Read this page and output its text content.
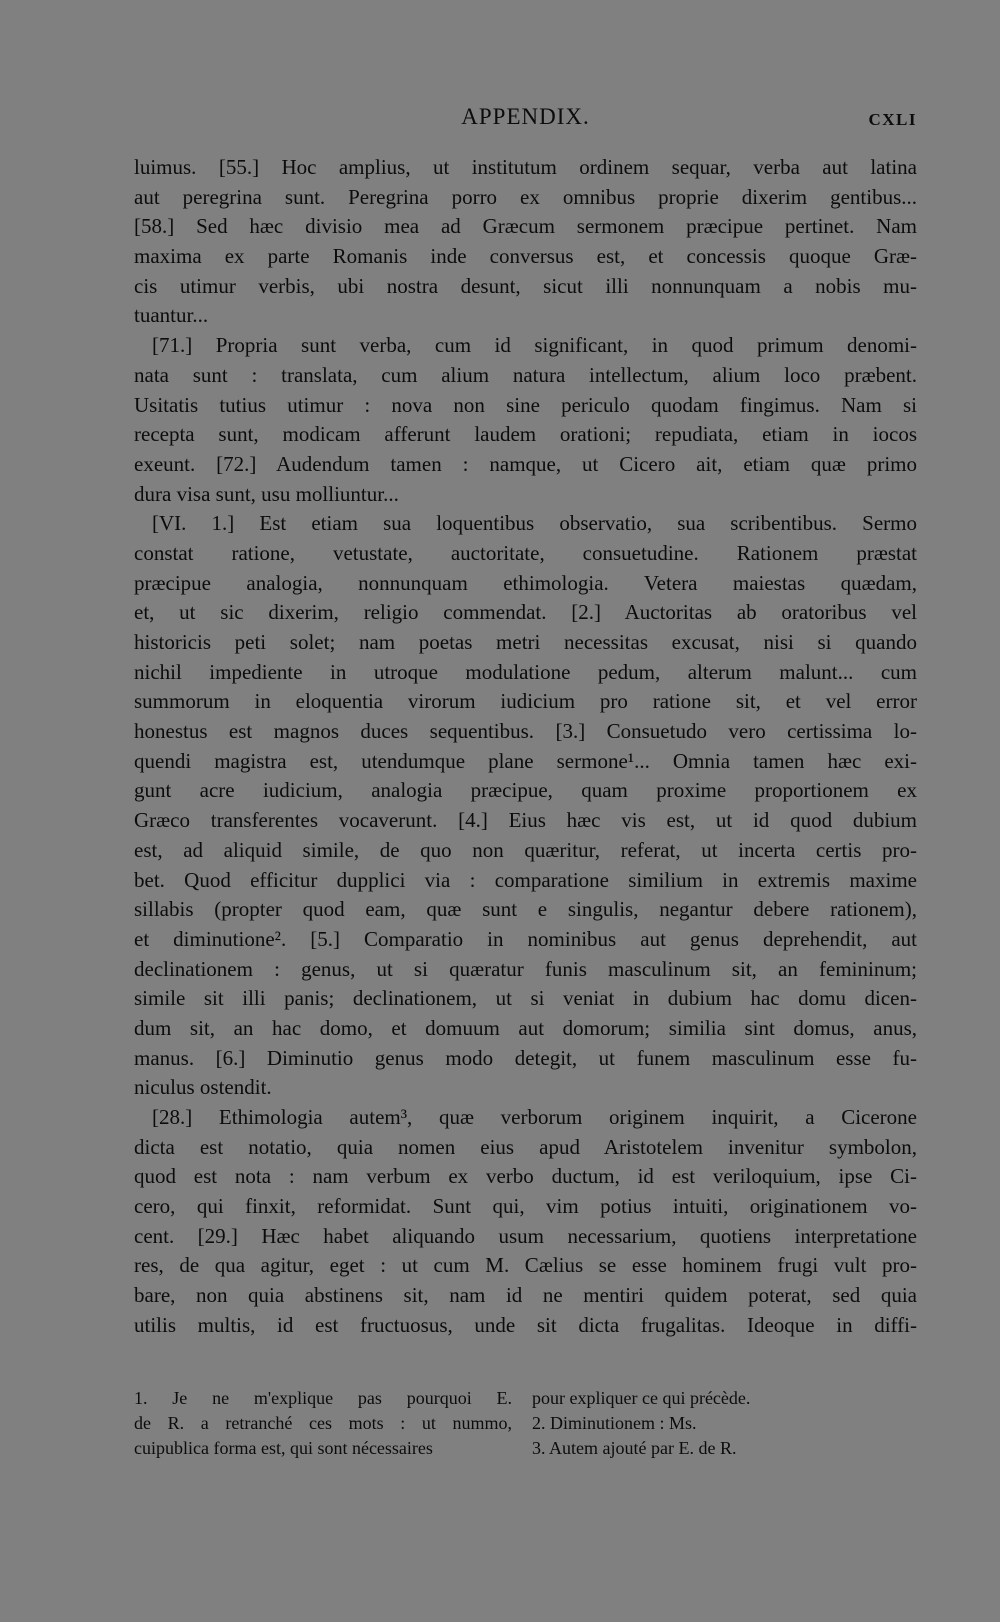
APPENDIX.	CXLI
luimus. [55.] Hoc amplius, ut institutum ordinem sequar, verba aut latina
aut peregrina sunt. Peregrina porro ex omnibus proprie dixerim gentibus...
[58.] Sed hæc divisio mea ad Græcum sermonem præcipue pertinet. Nam
maxima ex parte Romanis inde conversus est, et concessis quoque Græ-
cis utimur verbis, ubi nostra desunt, sicut illi nonnunquam a nobis mu-
tuantur...
[71.] Propria sunt verba, cum id significant, in quod primum denomi-
nata sunt : translata, cum alium natura intellectum, alium loco præbent.
Usitatis tutius utimur : nova non sine periculo quodam fingimus. Nam si
recepta sunt, modicam afferunt laudem orationi; repudiata, etiam in iocos
exeunt. [72.] Audendum tamen : namque, ut Cicero ait, etiam quæ primo
dura visa sunt, usu molliuntur...
[VI. 1.] Est etiam sua loquentibus observatio, sua scribentibus. Sermo
constat ratione, vetustate, auctoritate, consuetudine. Rationem præstat
præcipue analogia, nonnunquam ethimologia. Vetera maiestas quædam,
et, ut sic dixerim, religio commendat. [2.] Auctoritas ab oratoribus vel
historicis peti solet; nam poetas metri necessitas excusat, nisi si quando
nichil impediente in utroque modulatione pedum, alterum malunt... cum
summorum in eloquentia virorum iudicium pro ratione sit, et vel error
honestus est magnos duces sequentibus. [3.] Consuetudo vero certissima lo-
quendi magistra est, utendumque plane sermone¹... Omnia tamen hæc exi-
gunt acre iudicium, analogia præcipue, quam proxime proportionem ex
Græco transferentes vocaverunt. [4.] Eius hæc vis est, ut id quod dubium
est, ad aliquid simile, de quo non quæritur, referat, ut incerta certis pro-
bet. Quod efficitur dupplici via : comparatione similium in extremis maxime
sillabis (propter quod eam, quæ sunt e singulis, negantur debere rationem),
et diminutione². [5.] Comparatio in nominibus aut genus deprehendit, aut
declinationem : genus, ut si quæratur funis masculinum sit, an femininum;
simile sit illi panis; declinationem, ut si veniat in dubium hac domu dicen-
dum sit, an hac domo, et domuum aut domorum; similia sint domus, anus,
manus. [6.] Diminutio genus modo detegit, ut funem masculinum esse fu-
niculus ostendit.
[28.] Ethimologia autem³, quæ verborum originem inquirit, a Cicerone
dicta est notatio, quia nomen eius apud Aristotelem invenitur symbolon,
quod est nota : nam verbum ex verbo ductum, id est veriloquium, ipse Ci-
cero, qui finxit, reformidat. Sunt qui, vim potius intuiti, originationem vo-
cent. [29.] Hæc habet aliquando usum necessarium, quotiens interpretatione
res, de qua agitur, eget : ut cum M. Cælius se esse hominem frugi vult pro-
bare, non quia abstinens sit, nam id ne mentiri quidem poterat, sed quia
utilis multis, id est fructuosus, unde sit dicta frugalitas. Ideoque in diffi-
1. Je ne m'explique pas pourquoi E.
de R. a retranché ces mots : ut nummo,
cuipublica forma est, qui sont nécessaires
pour expliquer ce qui précède.
2. Diminutionem : Ms.
3. Autem ajouté par E. de R.
